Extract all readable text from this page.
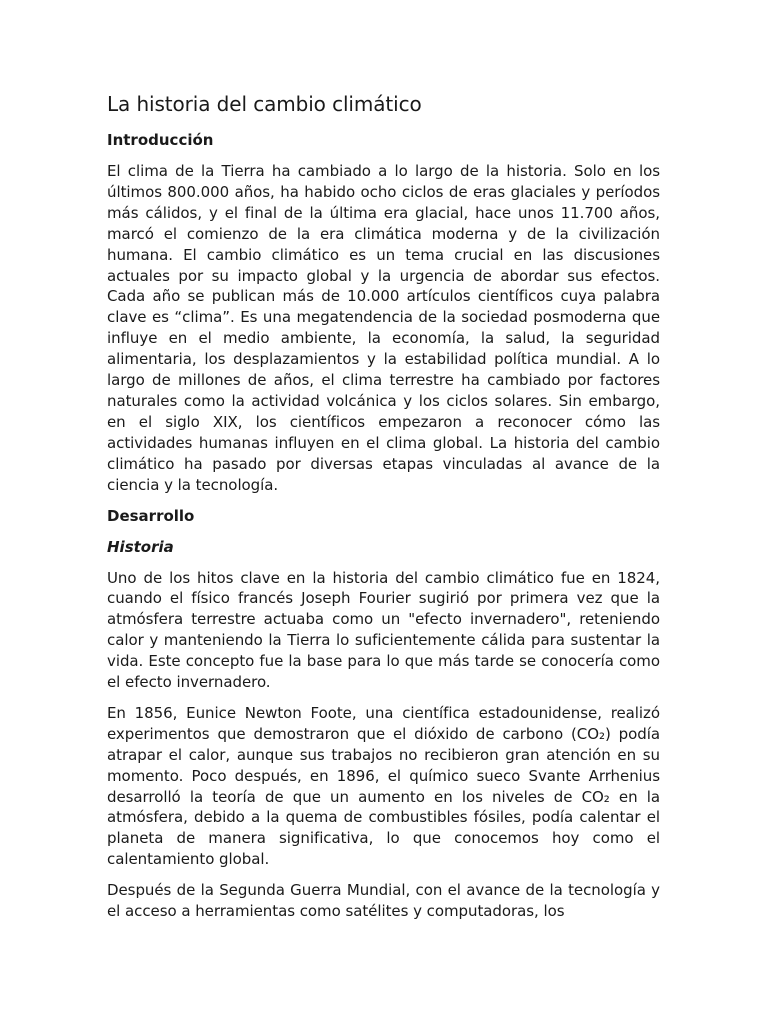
La historia del cambio climático
Introducción

El clima de la Tierra ha cambiado a lo largo de la historia. Solo en los últimos 800.000 años, ha habido ocho ciclos de eras glaciales y períodos más cálidos, y el final de la última era glacial, hace unos 11.700 años, marcó el comienzo de la era climática moderna y de la civilización humana. El cambio climático es un tema crucial en las discusiones actuales por su impacto global y la urgencia de abordar sus efectos. Cada año se publican más de 10.000 artículos científicos cuya palabra clave es “clima”. Es una megatendencia de la sociedad posmoderna que influye en el medio ambiente, la economía, la salud, la seguridad alimentaria, los desplazamientos y la estabilidad política mundial. A lo largo de millones de años, el clima terrestre ha cambiado por factores naturales como la actividad volcánica y los ciclos solares. Sin embargo, en el siglo XIX, los científicos empezaron a reconocer cómo las actividades humanas influyen en el clima global. La historia del cambio climático ha pasado por diversas etapas vinculadas al avance de la ciencia y la tecnología.

Desarrollo
Historia

Uno de los hitos clave en la historia del cambio climático fue en 1824, cuando el físico francés Joseph Fourier sugirió por primera vez que la atmósfera terrestre actuaba como un "efecto invernadero", reteniendo calor y manteniendo la Tierra lo suficientemente cálida para sustentar la vida. Este concepto fue la base para lo que más tarde se conocería como el efecto invernadero.

En 1856, Eunice Newton Foote, una científica estadounidense, realizó experimentos que demostraron que el dióxido de carbono (CO₂) podía atrapar el calor, aunque sus trabajos no recibieron gran atención en su momento. Poco después, en 1896, el químico sueco Svante Arrhenius desarrolló la teoría de que un aumento en los niveles de CO₂ en la atmósfera, debido a la quema de combustibles fósiles, podía calentar el planeta de manera significativa, lo que conocemos hoy como el calentamiento global.

Después de la Segunda Guerra Mundial, con el avance de la tecnología y el acceso a herramientas como satélites y computadoras, los
